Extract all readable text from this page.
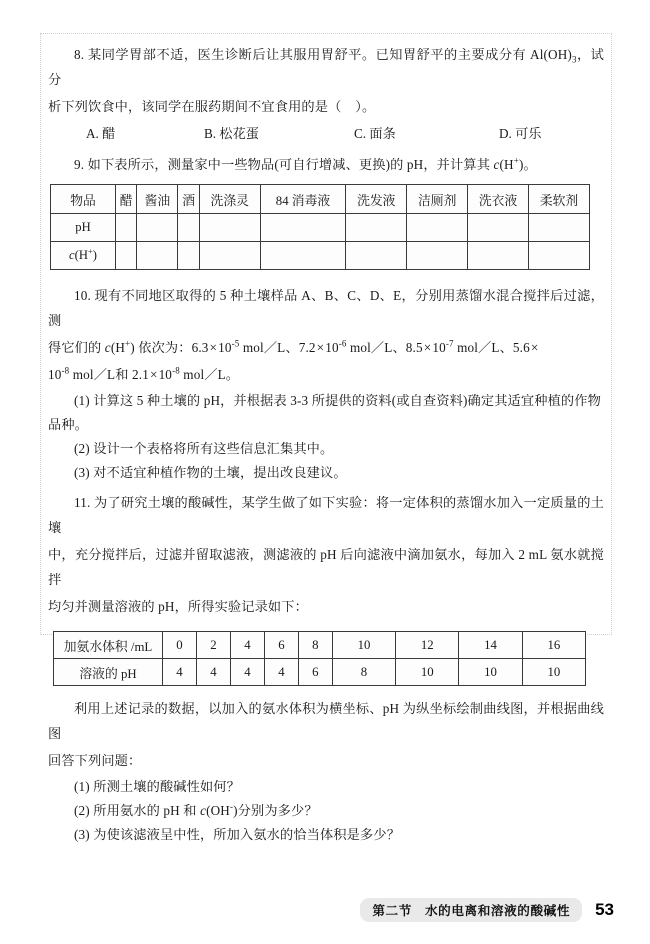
8. 某同学胃部不适，医生诊断后让其服用胃舒平。已知胃舒平的主要成分有 $Al(OH)_3$，试分

析下列饮食中，该同学在服药期间不宜食用的是（    ）。

A. 醋	B. 松花蛋	C. 面条	D. 可乐

9. 如下表所示，测量家中一些物品(可自行增减、更换)的 pH，并计算其 c(H+)。

物品	醋	酱油	酒	洗涤灵	84 消毒液	洗发液	洁厕剂	洗衣液	柔软剂
pH									
c(H+)									

10. 现有不同地区取得的 5 种土壤样品 A、B、C、D、E，分别用蒸馏水混合搅拌后过滤，测

得它们的 c(H+) 依次为：$6.3\times 10^{-5}$ mol／L、$7.2\times 10^{-6}$ mol／L、$8.5\times 10^{-7}$ mol／L、5.6×

$10^{-8}$ mol／L和 $2.1\times 10^{-8}$ mol／L。

(1) 计算这 5 种土壤的 pH，并根据表 3-3 所提供的资料(或自查资料)确定其适宜种植的作物

品种。

(2) 设计一个表格将所有这些信息汇集其中。

(3) 对不适宜种植作物的土壤，提出改良建议。

11. 为了研究土壤的酸碱性，某学生做了如下实验：将一定体积的蒸馏水加入一定质量的土壤

中，充分搅拌后，过滤并留取滤液，测滤液的 pH 后向滤液中滴加氨水，每加入 2 mL 氨水就搅拌

均匀并测量溶液的 pH，所得实验记录如下：

加氨水体积 /mL	0	2	4	6	8	10	12	14	16
溶液的 pH	4	4	4	4	6	8	10	10	10

利用上述记录的数据，以加入的氨水体积为横坐标、pH 为纵坐标绘制曲线图，并根据曲线图

回答下列问题：

(1) 所测土壤的酸碱性如何？

(2) 所用氨水的 pH 和 c(OH-)分别为多少？

(3) 为使该滤液呈中性，所加入氨水的恰当体积是多少？

第二节 水的电离和溶液的酸碱性	53
